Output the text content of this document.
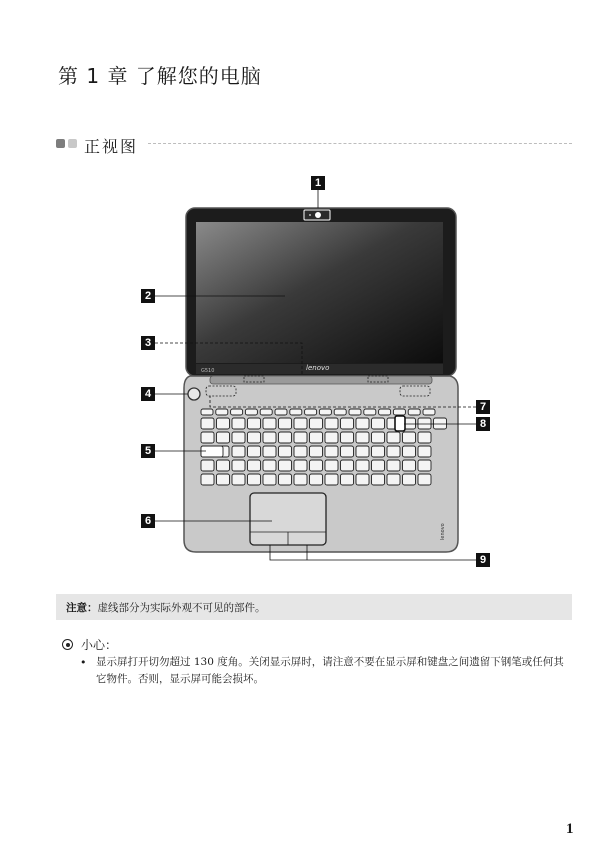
第 1 章 了解您的电脑
正视图
G510	lenovo
lenovo
1
2
3
4
5
6
7
8
9
注意：虚线部分为实际外观不可见的部件。
小心：
• 显示屏打开切勿超过 130 度角。关闭显示屏时，请注意不要在显示屏和键盘之间遗留下钢笔或任何其它物件。否则，显示屏可能会损坏。
1
